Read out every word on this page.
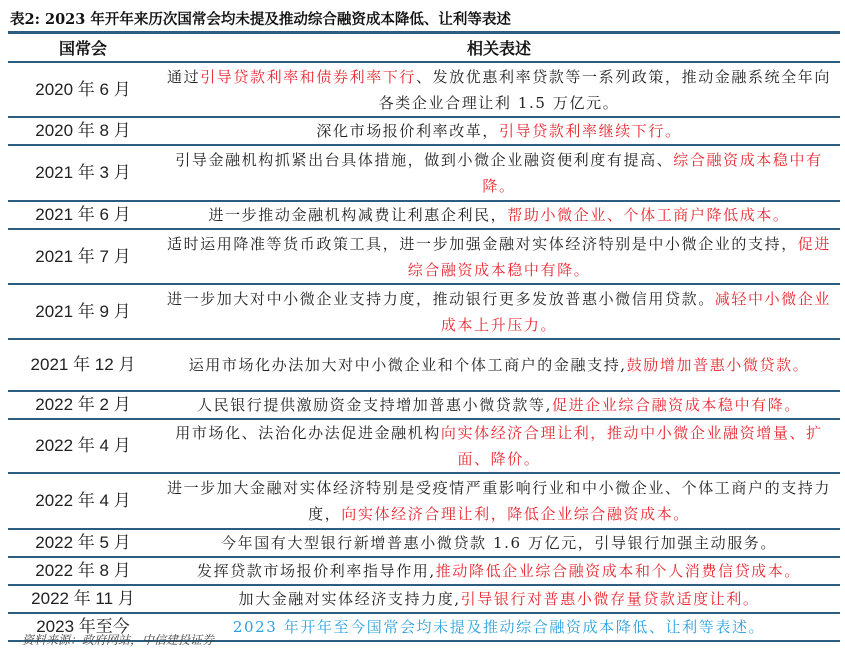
表2: 2023 年开年来历次国常会均未提及推动综合融资成本降低、让利等表述
国常会	相关表述
2020 年 6 月	通过引导贷款利率和债券利率下行、发放优惠利率贷款等一系列政策，推动金融系统全年向各类企业合理让利 1.5 万亿元。
2020 年 8 月	深化市场报价利率改革，引导贷款利率继续下行。
2021 年 3 月	引导金融机构抓紧出台具体措施，做到小微企业融资便利度有提高、综合融资成本稳中有降。
2021 年 6 月	进一步推动金融机构减费让利惠企利民，帮助小微企业、个体工商户降低成本。
2021 年 7 月	适时运用降准等货币政策工具，进一步加强金融对实体经济特别是中小微企业的支持，促进综合融资成本稳中有降。
2021 年 9 月	进一步加大对中小微企业支持力度，推动银行更多发放普惠小微信用贷款。减轻中小微企业成本上升压力。
2021 年 12 月	运用市场化办法加大对中小微企业和个体工商户的金融支持,鼓励增加普惠小微贷款。
2022 年 2 月	人民银行提供激励资金支持增加普惠小微贷款等,促进企业综合融资成本稳中有降。
2022 年 4 月	用市场化、法治化办法促进金融机构向实体经济合理让利，推动中小微企业融资增量、扩面、降价。
2022 年 4 月	进一步加大金融对实体经济特别是受疫情严重影响行业和中小微企业、个体工商户的支持力度，向实体经济合理让利，降低企业综合融资成本。
2022 年 5 月	今年国有大型银行新增普惠小微贷款 1.6 万亿元，引导银行加强主动服务。
2022 年 8 月	发挥贷款市场报价利率指导作用,推动降低企业综合融资成本和个人消费信贷成本。
2022 年 11 月	加大金融对实体经济支持力度,引导银行对普惠小微存量贷款适度让利。
2023 年至今	2023 年开年至今国常会均未提及推动综合融资成本降低、让利等表述。
资料来源：政府网站，中信建投证券
